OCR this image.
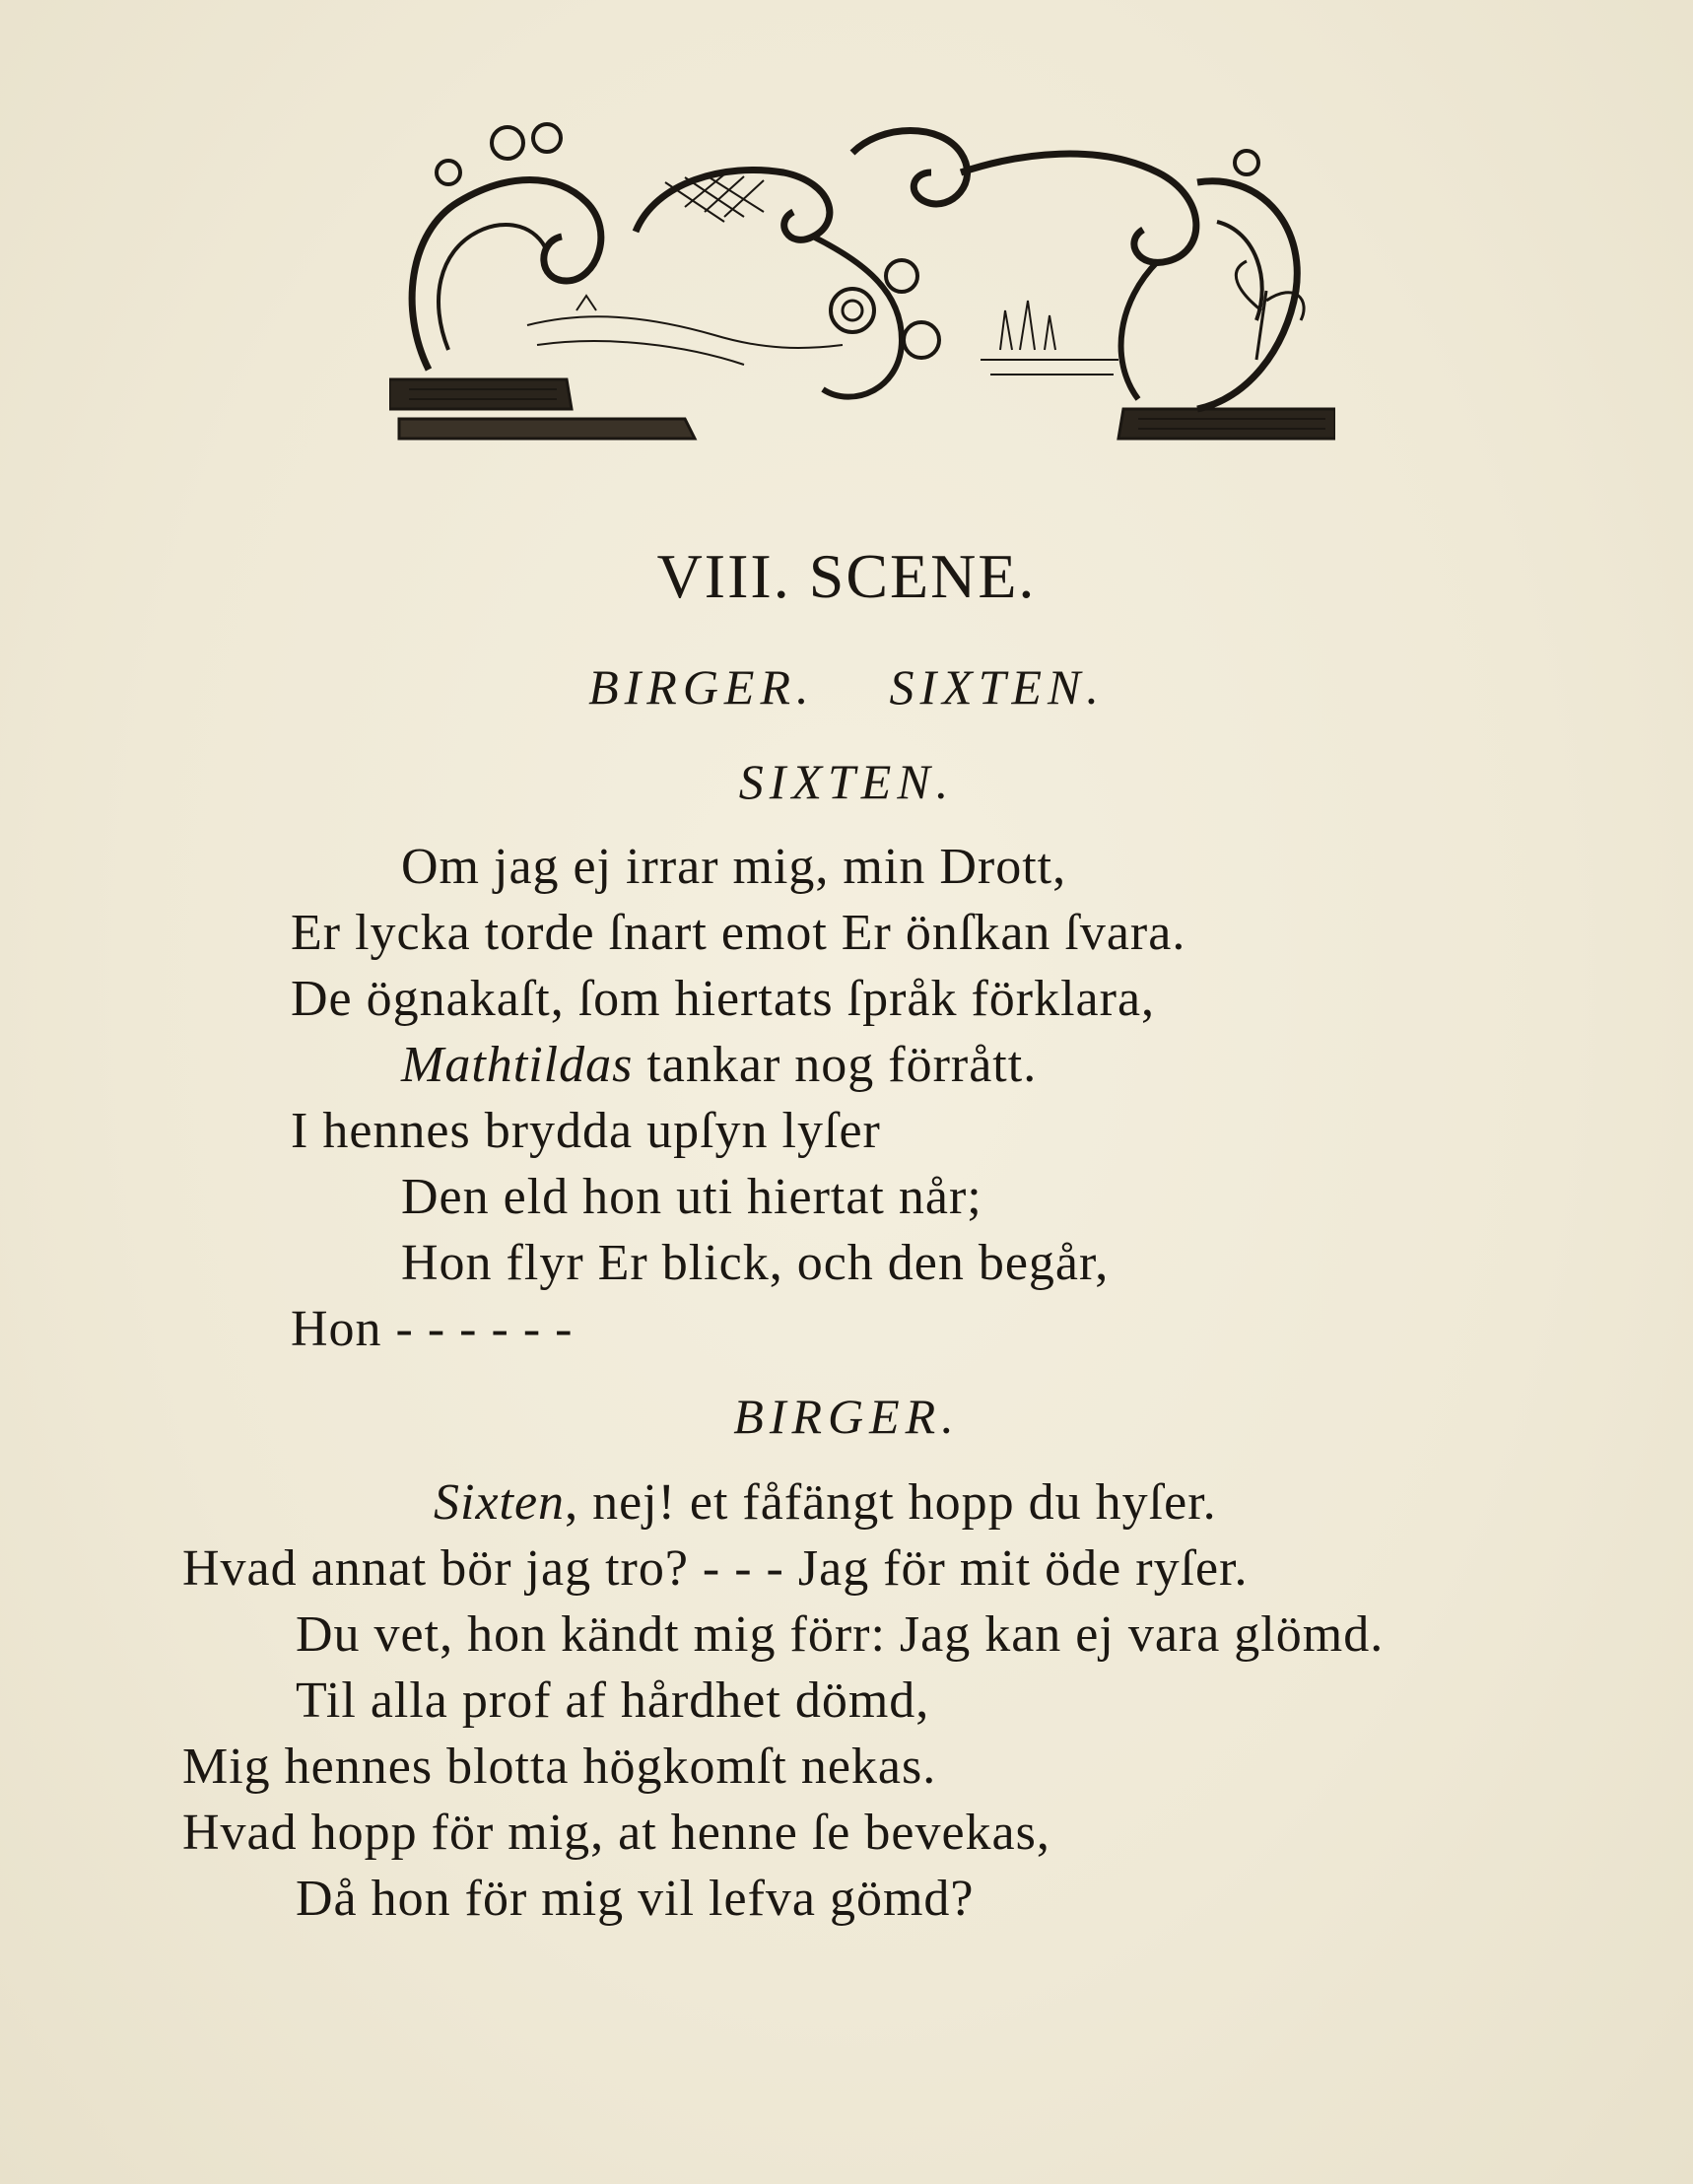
VIII. SCENE.
BIRGER. SIXTEN.
SIXTEN.
Om jag ej irrar mig, min Drott,
Er lycka torde ſnart emot Er önſkan ſvara.
De ögnakaſt, ſom hiertats ſpråk förklara,
Mathtildas tankar nog förrått.
I hennes brydda upſyn lyſer
Den eld hon uti hiertat når;
Hon flyr Er blick, och den begår,
Hon - - - - - -
BIRGER.
Sixten, nej! et fåfängt hopp du hyſer.
Hvad annat bör jag tro? - - - Jag för mit öde ryſer.
Du vet, hon kändt mig förr: Jag kan ej vara glömd.
Til alla prof af hårdhet dömd,
Mig hennes blotta högkomſt nekas.
Hvad hopp för mig, at henne ſe bevekas,
Då hon för mig vil lefva gömd?
